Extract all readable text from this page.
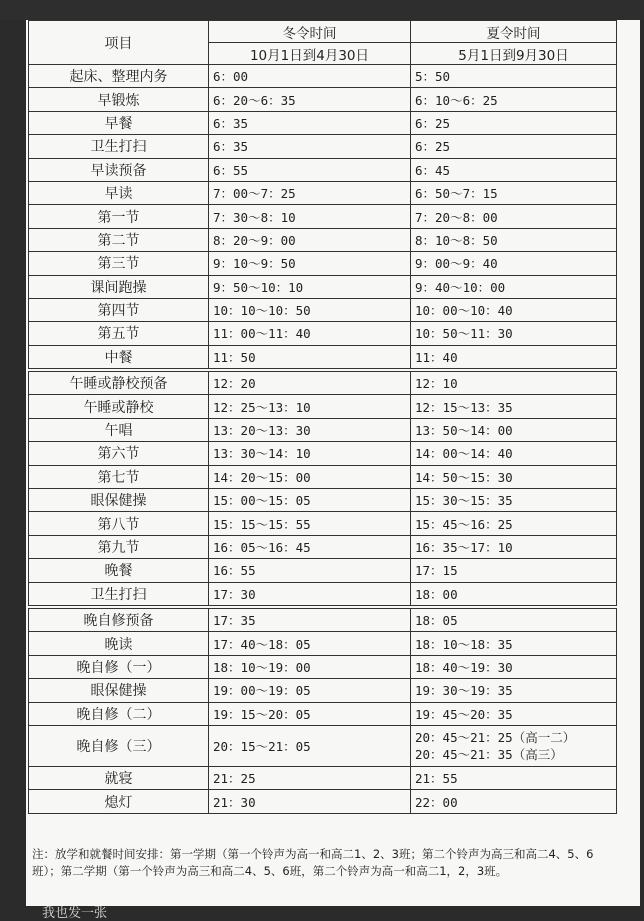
项目	冬令时间	夏令时间
	10月1日到4月30日	5月1日到9月30日
起床、整理内务	6：00	5：50
早锻炼	6：20～6：35	6：10～6：25
早餐	6：35	6：25
卫生打扫	6：35	6：25
早读预备	6：55	6：45
早读	7：00～7：25	6：50～7：15
第一节	7：30～8：10	7：20～8：00
第二节	8：20～9：00	8：10～8：50
第三节	9：10～9：50	9：00～9：40
课间跑操	9：50～10：10	9：40～10：00
第四节	10：10～10：50	10：00～10：40
第五节	11：00～11：40	10：50～11：30
中餐	11：50	11：40
午睡或静校预备	12：20	12：10
午睡或静校	12：25～13：10	12：15～13：35
午唱	13：20～13：30	13：50～14：00
第六节	13：30～14：10	14：00～14：40
第七节	14：20～15：00	14：50～15：30
眼保健操	15：00～15：05	15：30～15：35
第八节	15：15～15：55	15：45～16：25
第九节	16：05～16：45	16：35～17：10
晚餐	16：55	17：15
卫生打扫	17：30	18：00
晚自修预备	17：35	18：05
晚读	17：40～18：05	18：10～18：35
晚自修（一）	18：10～19：00	18：40～19：30
眼保健操	19：00～19：05	19：30～19：35
晚自修（二）	19：15～20：05	19：45～20：35
晚自修（三）	20：15～21：05	20：45～21：25（高一二）
20：45～21：35（高三）

就寝	21：25	21：55
熄灯	21：30	22：00
注：放学和就餐时间安排：第一学期（第一个铃声为高一和高二1、2、3班；第二个铃声为高三和高二4、5、6班）；第二学期（第一个铃声为高三和高二4、5、6班，第二个铃声为高一和高二1，2，3班。
我也发一张
